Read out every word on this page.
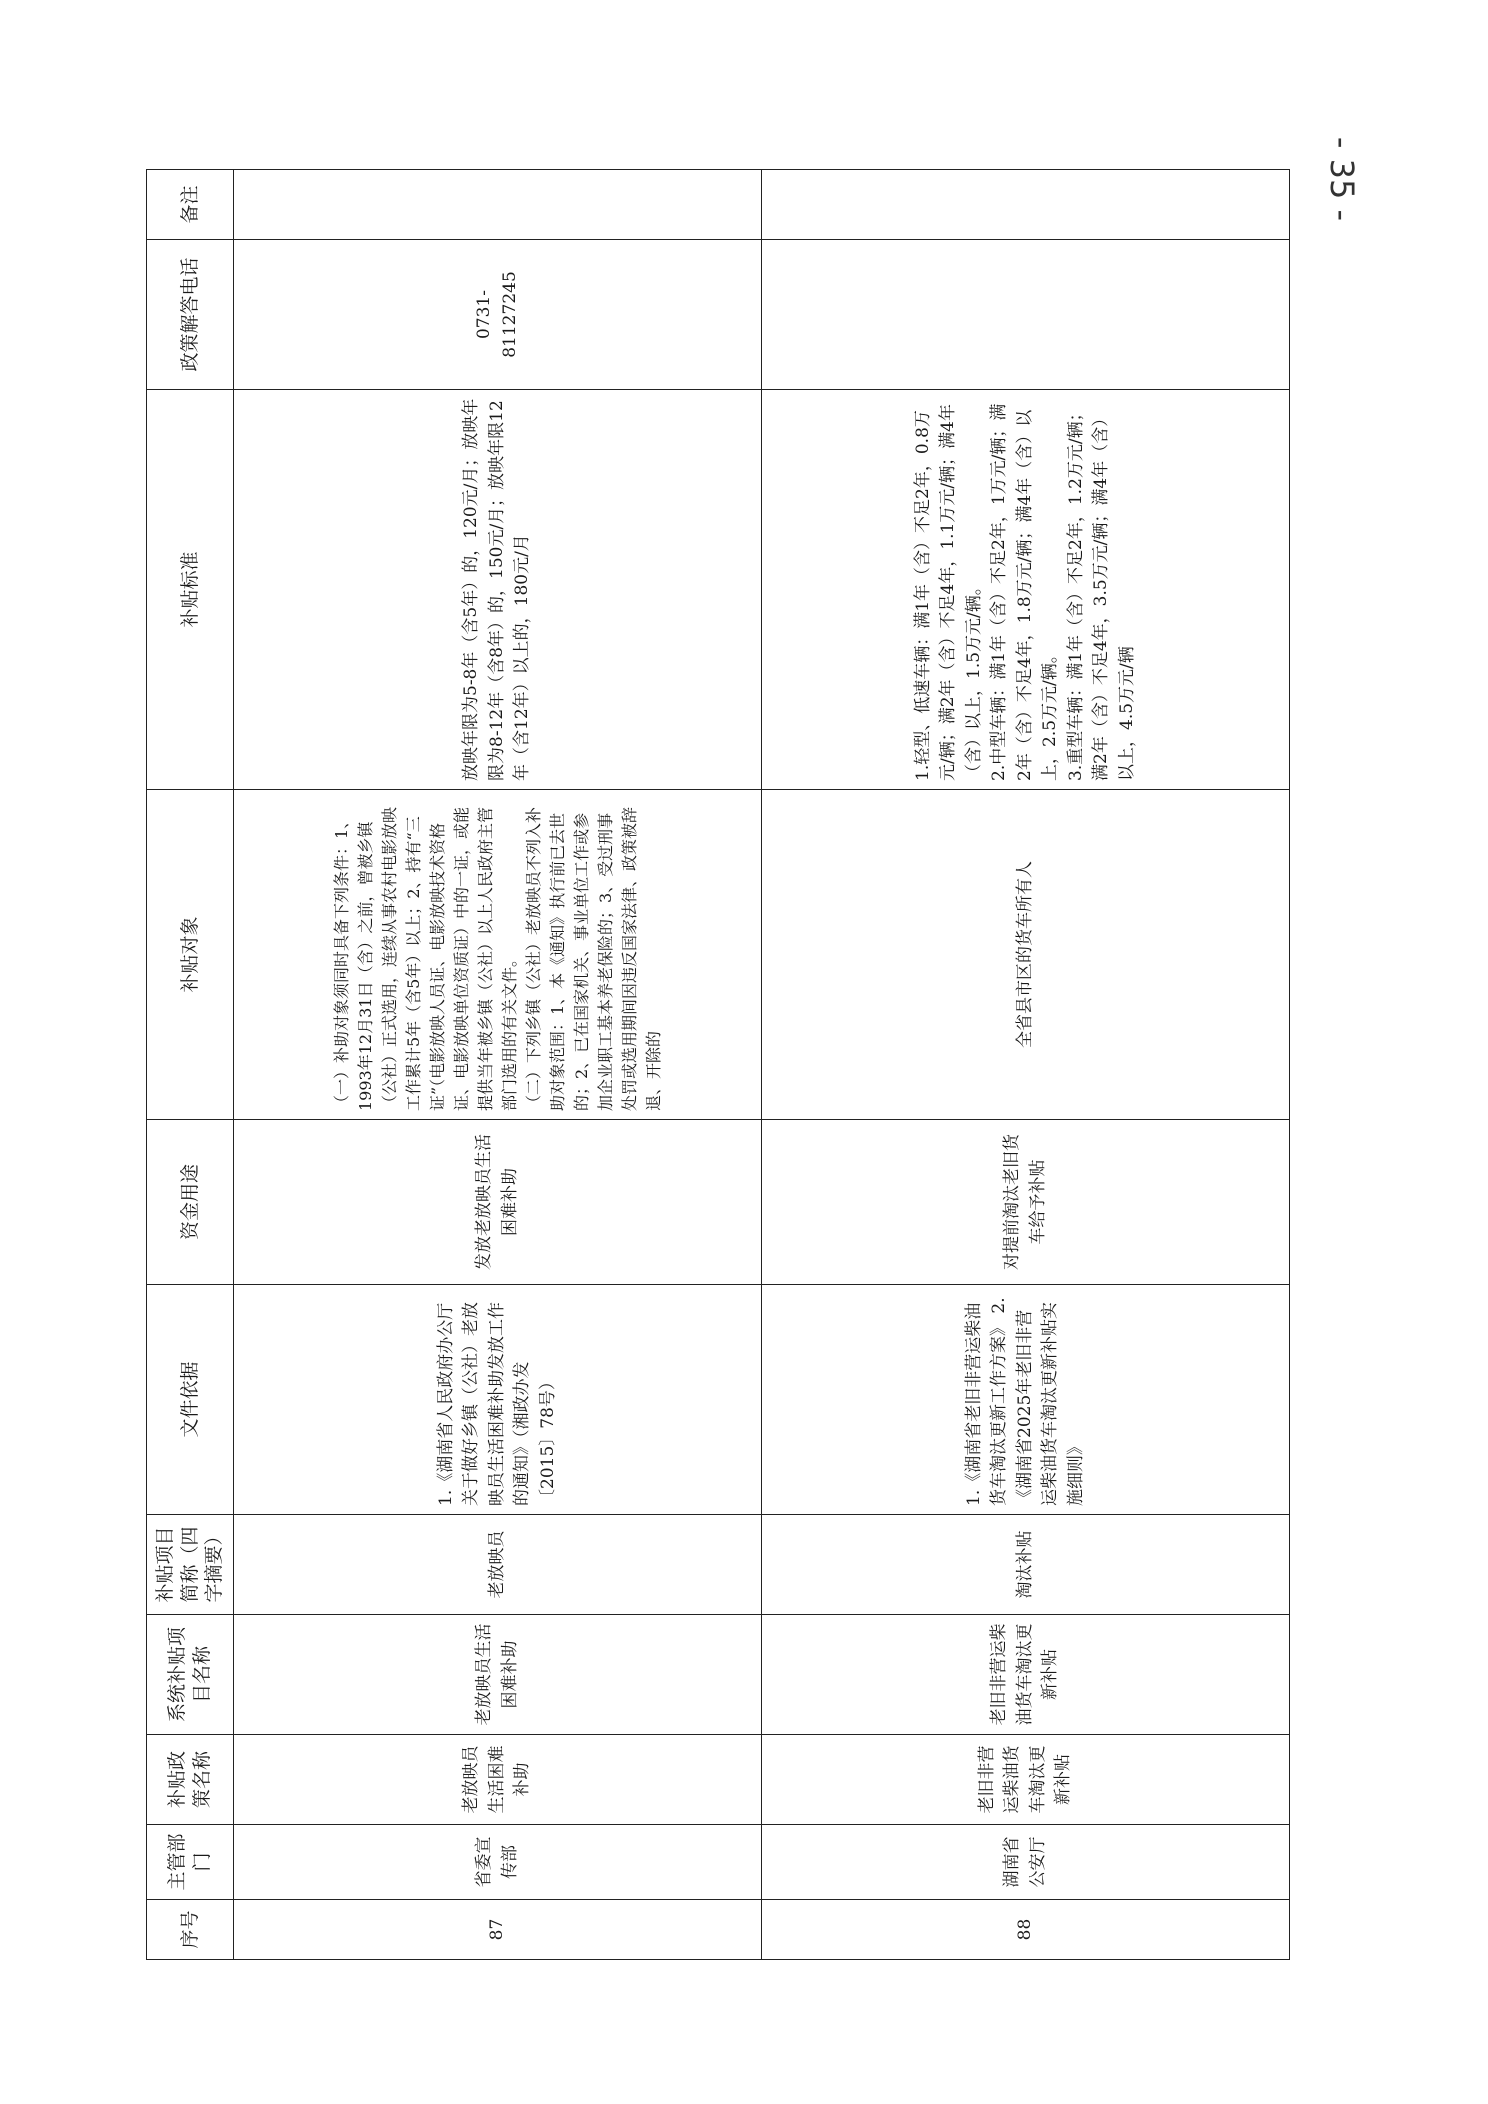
- 35 -
序号	主管部门	补贴政策名称	系统补贴项目名称	补贴项目简称（四字摘要）	文件依据	资金用途	补贴对象	补贴标准	政策解答电话	备注
87	省委宣传部	老放映员生活困难补助	老放映员生活困难补助	老放映员	1.《湖南省人民政府办公厅关于做好乡镇（公社）老放映员生活困难补助发放工作的通知》（湘政办发〔2015〕78号）	发放老放映员生活困难补助	（一）补助对象须同时具备下列条件：1、1993年12月31日（含）之前，曾被乡镇（公社）正式选用，连续从事农村电影放映工作累计5年（含5年）以上；2、持有“三证”（电影放映人员证、电影放映技术资格证、电影放映单位资质证）中的一证，或能提供当年被乡镇（公社）以上人民政府主管部门选用的有关文件。 （二）下列乡镇（公社）老放映员不列入补助对象范围：1、本《通知》执行前已去世的；2、已在国家机关、事业单位工作或参加企业职工基本养老保险的；3、受过刑事处罚或选用期间因违反国家法律、政策被辞退、开除的	放映年限为5-8年（含5年）的，120元/月；放映年限为8-12年（含8年）的，150元/月；放映年限12年（含12年）以上的，180元/月	0731-81127245	
88	湖南省公安厅	老旧非营运柴油货车淘汰更新补贴	老旧非营运柴油货车淘汰更新补贴	淘汰补贴	1.《湖南省老旧非营运柴油货车淘汰更新工作方案》 2.《湖南省2025年老旧非营运柴油货车淘汰更新补贴实施细则》	对提前淘汰老旧货车给予补贴	全省县市区的货车所有人	1.轻型、低速车辆：满1年（含）不足2年，0.8万元/辆；满2年（含）不足4年，1.1万元/辆；满4年（含）以上，1.5万元/辆。 2.中型车辆：满1年（含）不足2年，1万元/辆；满2年（含）不足4年，1.8万元/辆；满4年（含）以上，2.5万元/辆。 3.重型车辆：满1年（含）不足2年，1.2万元/辆；满2年（含）不足4年，3.5万元/辆；满4年（含）以上，4.5万元/辆		
